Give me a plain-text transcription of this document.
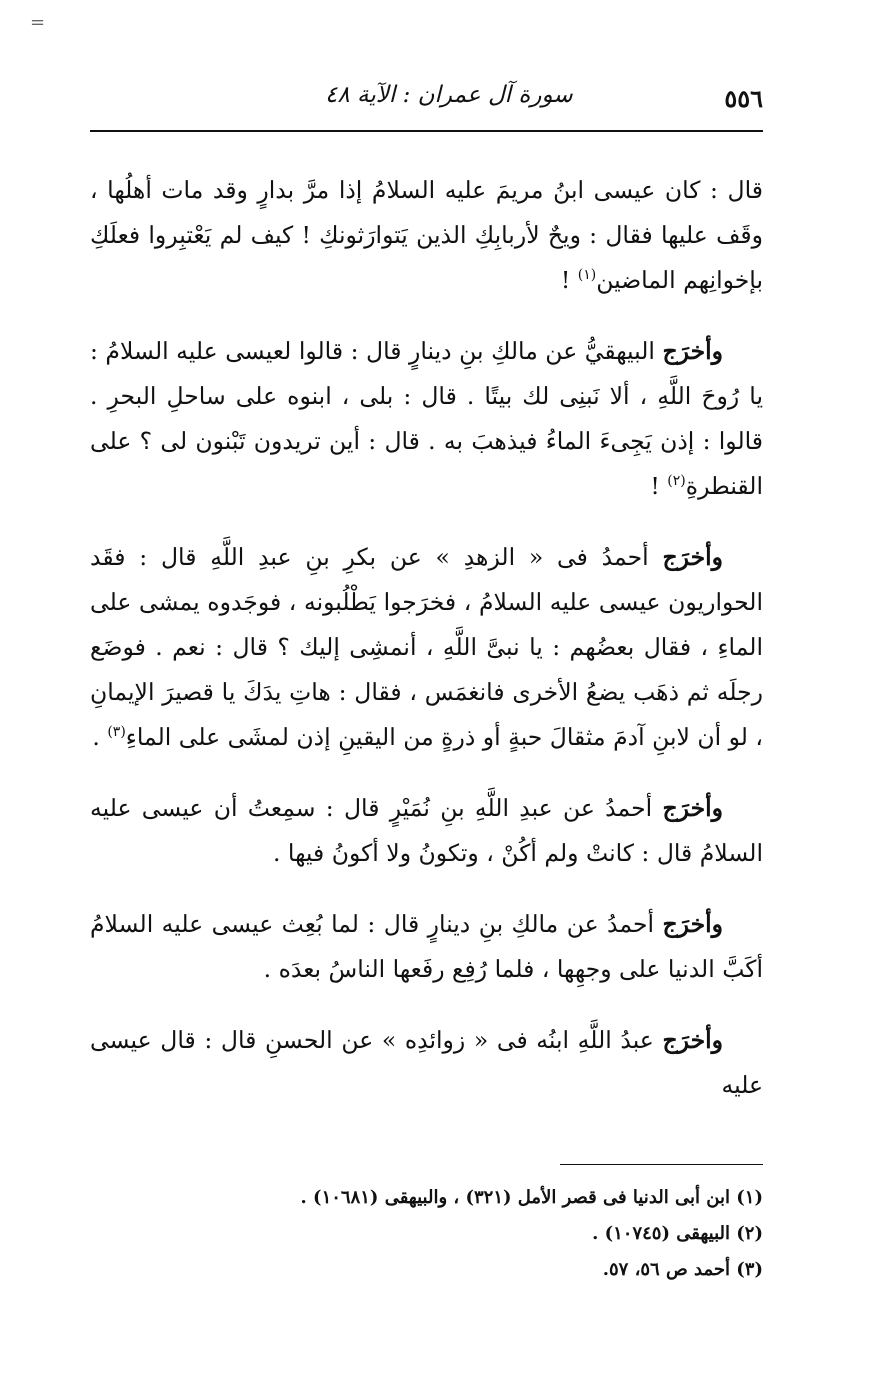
=
٥٥٦
سورة آل عمران : الآية ٤٨

قال : كان عيسى ابنُ مريمَ عليه السلامُ إذا مرَّ بدارٍ وقد مات أهلُها ، وقَف عليها فقال : ويحٌ لأربابِكِ الذين يَتوارَثونكِ ! كيف لم يَعْتبِروا فعلَكِ بإخوانِهم الماضين$^{(١)}$ !

وأخرَج البيهقيُّ عن مالكِ بنِ دينارٍ قال : قالوا لعيسى عليه السلامُ : يا رُوحَ اللَّهِ ، ألا نَبنِى لك بيتًا . قال : بلى ، ابنوه على ساحلِ البحرِ . قالوا : إذن يَجِىءَ الماءُ فيذهبَ به . قال : أين تريدون تَبْنون لى ؟ على القنطرةِ$^{(٢)}$ !

وأخرَج أحمدُ فى « الزهدِ » عن بكرِ بنِ عبدِ اللَّهِ قال : فقَد الحواريون عيسى عليه السلامُ ، فخرَجوا يَطْلُبونه ، فوجَدوه يمشى على الماءِ ، فقال بعضُهم : يا نبىَّ اللَّهِ ، أنمشِى إليك ؟ قال : نعم . فوضَع رجلَه ثم ذهَب يضعُ الأخرى فانغمَس ، فقال : هاتِ يدَكَ يا قصيرَ الإيمانِ ، لو أن لابنِ آدمَ مثقالَ حبةٍ أو ذرةٍ من اليقينِ إذن لمشَى على الماءِ$^{(٣)}$ .

وأخرَج أحمدُ عن عبدِ اللَّهِ بنِ نُمَيْرٍ قال : سمِعتُ أن عيسى عليه السلامُ قال : كانتْ ولم أكُنْ ، وتكونُ ولا أكونُ فيها .

وأخرَج أحمدُ عن مالكِ بنِ دينارٍ قال : لما بُعِث عيسى عليه السلامُ أكَبَّ الدنيا على وجهِها ، فلما رُفِع رفَعها الناسُ بعدَه .

وأخرَج عبدُ اللَّهِ ابنُه فى « زوائدِه » عن الحسنِ قال : قال عيسى عليه

(١) ابن أبى الدنيا فى قصر الأمل (٣٢١) ، والبيهقى (١٠٦٨١) .

(٢) البيهقى (١٠٧٤٥) .

(٣) أحمد ص ٥٦، ٥٧.
